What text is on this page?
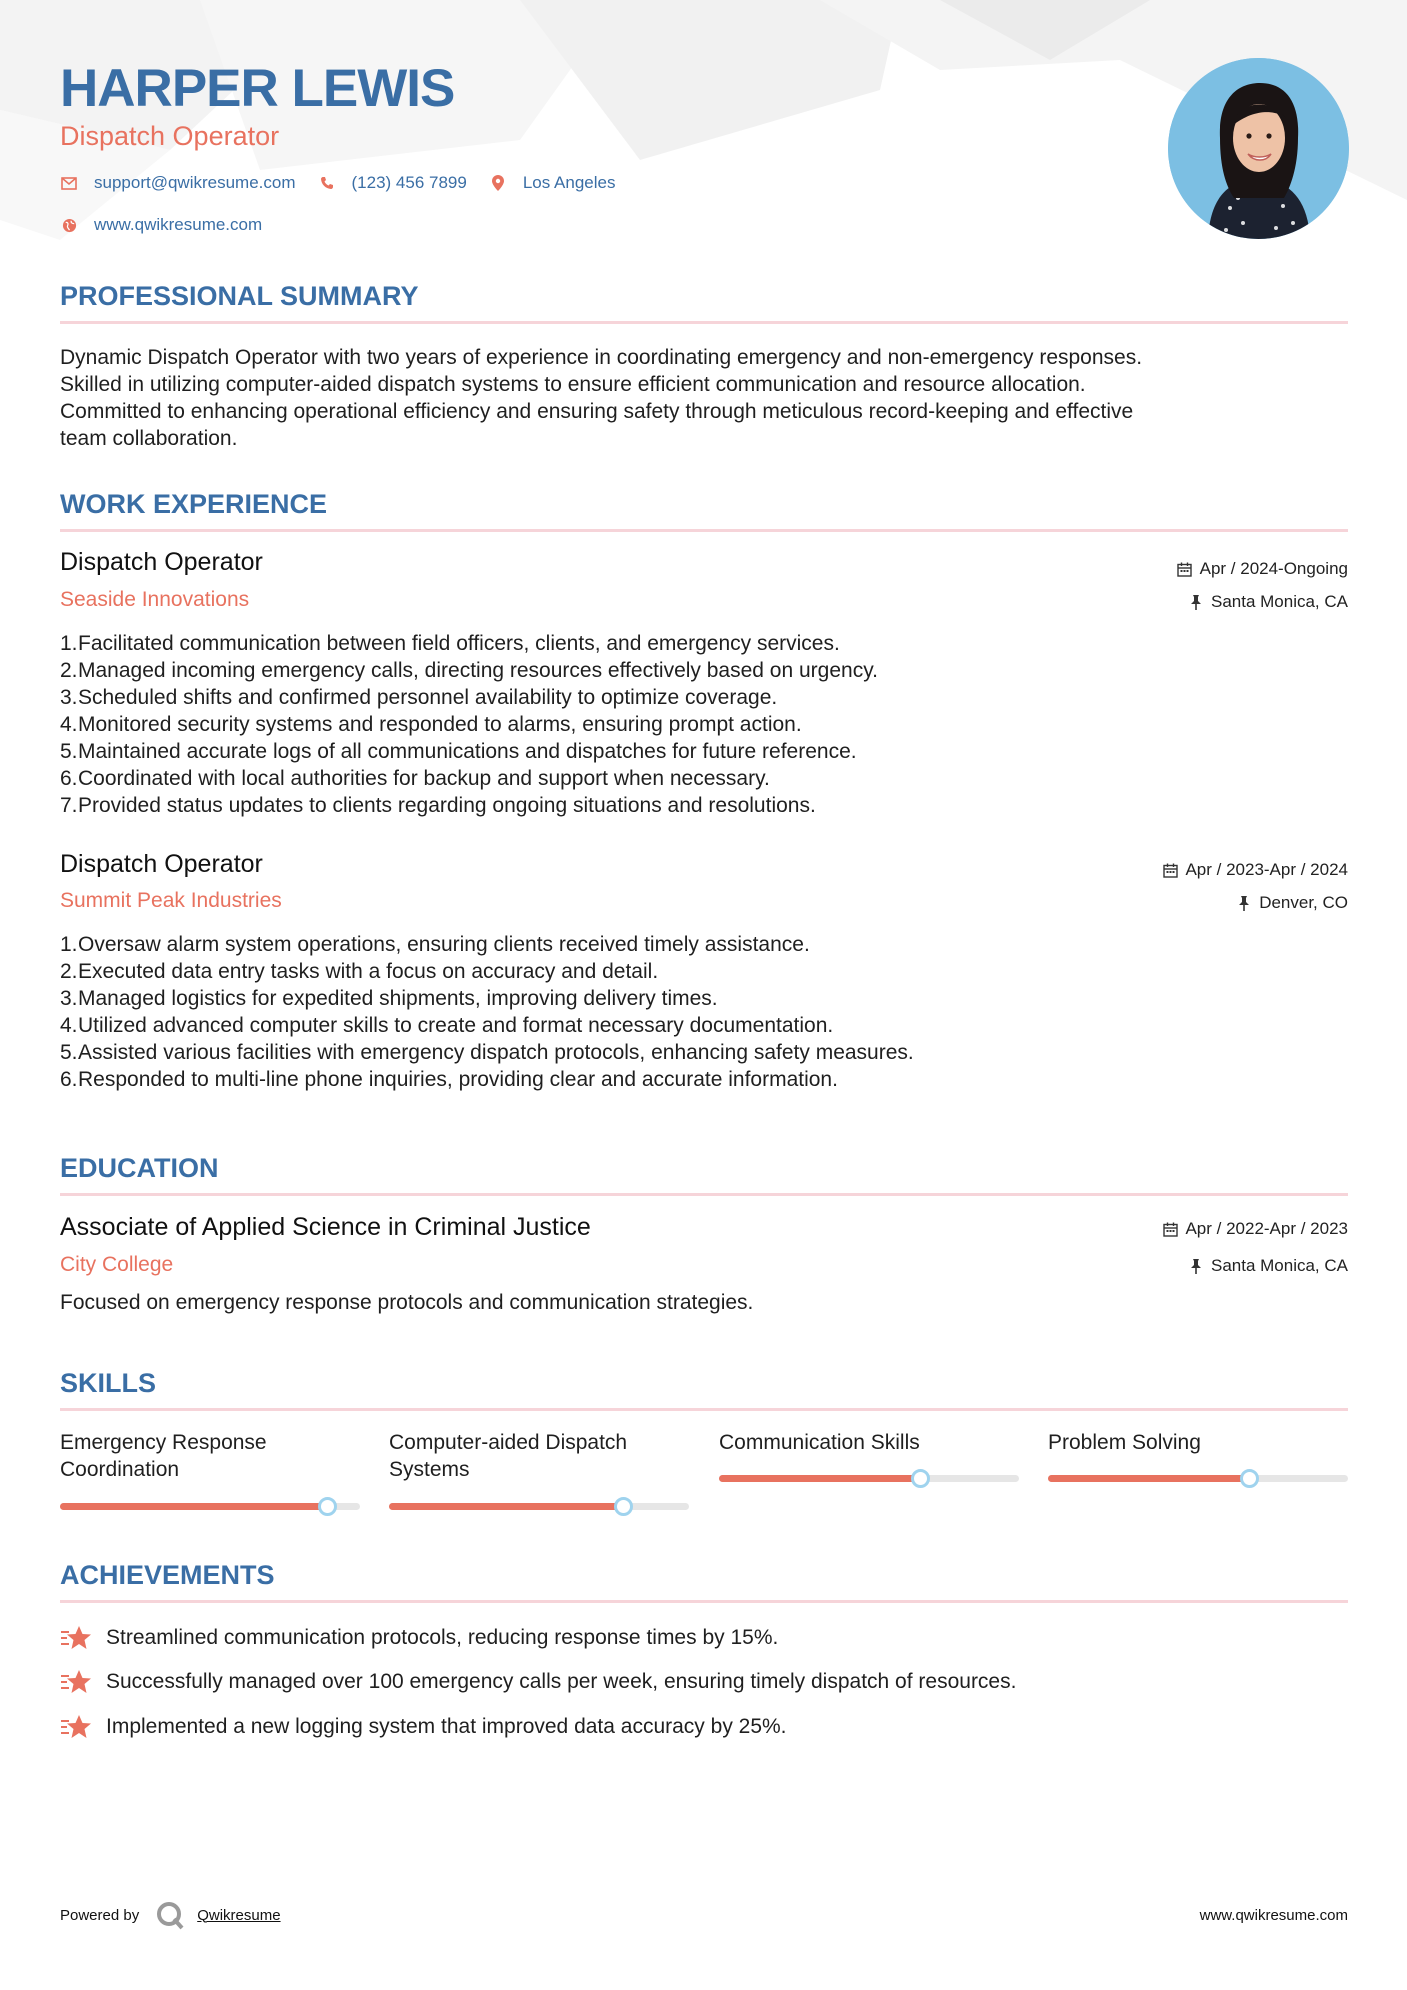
HARPER LEWIS
Dispatch Operator
support@qwikresume.com	(123) 456 7899	Los Angeles
www.qwikresume.com
PROFESSIONAL SUMMARY
Dynamic Dispatch Operator with two years of experience in coordinating emergency and non-emergency responses.
Skilled in utilizing computer-aided dispatch systems to ensure efficient communication and resource allocation.
Committed to enhancing operational efficiency and ensuring safety through meticulous record-keeping and effective
team collaboration.
WORK EXPERIENCE
Dispatch Operator
Seaside Innovations
Apr / 2024-Ongoing
Santa Monica, CA
1. Facilitated communication between field officers, clients, and emergency services.
2. Managed incoming emergency calls, directing resources effectively based on urgency.
3. Scheduled shifts and confirmed personnel availability to optimize coverage.
4. Monitored security systems and responded to alarms, ensuring prompt action.
5. Maintained accurate logs of all communications and dispatches for future reference.
6. Coordinated with local authorities for backup and support when necessary.
7. Provided status updates to clients regarding ongoing situations and resolutions.
Dispatch Operator
Summit Peak Industries
Apr / 2023-Apr / 2024
Denver, CO
1. Oversaw alarm system operations, ensuring clients received timely assistance.
2. Executed data entry tasks with a focus on accuracy and detail.
3. Managed logistics for expedited shipments, improving delivery times.
4. Utilized advanced computer skills to create and format necessary documentation.
5. Assisted various facilities with emergency dispatch protocols, enhancing safety measures.
6. Responded to multi-line phone inquiries, providing clear and accurate information.
EDUCATION
Associate of Applied Science in Criminal Justice
City College
Apr / 2022-Apr / 2023
Santa Monica, CA
Focused on emergency response protocols and communication strategies.
SKILLS
Emergency Response
Coordination
Computer-aided Dispatch
Systems
Communication Skills	Problem Solving
ACHIEVEMENTS
Streamlined communication protocols, reducing response times by 15%.
Successfully managed over 100 emergency calls per week, ensuring timely dispatch of resources.
Implemented a new logging system that improved data accuracy by 25%.
Powered by	Qwikresume	www.qwikresume.com
